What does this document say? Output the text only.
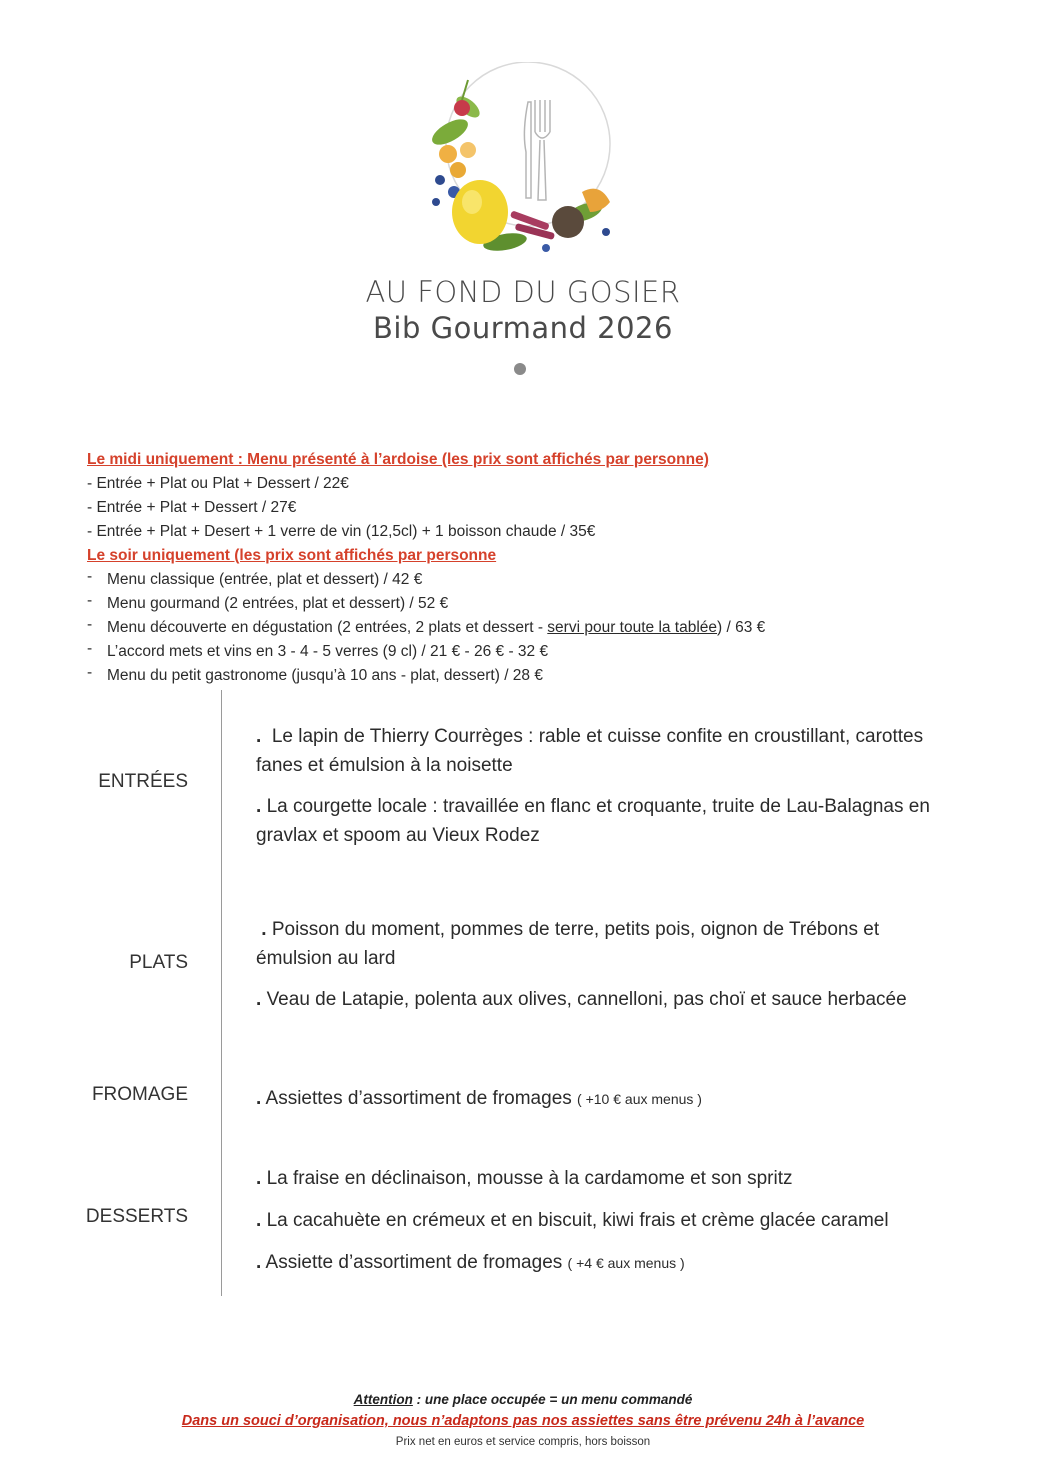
AU FOND DU GOSIER
Bib Gourmand 2026
Le midi uniquement : Menu présenté à l’ardoise (les prix sont affichés par personne)
- Entrée + Plat ou Plat + Dessert / 22€
- Entrée + Plat + Dessert / 27€
- Entrée + Plat + Desert + 1 verre de vin (12,5cl) + 1 boisson chaude / 35€
Le soir uniquement (les prix sont affichés par personne
- Menu classique (entrée, plat et dessert) / 42 €
- Menu gourmand (2 entrées, plat et dessert) / 52 €
- Menu découverte en dégustation (2 entrées, 2 plats et dessert - servi pour toute la tablée) / 63 €
- L’accord mets et vins en 3 - 4 - 5 verres (9 cl) / 21 € - 26 € - 32 €
- Menu du petit gastronome (jusqu’à 10 ans - plat, dessert) / 28 €
ENTRÉES
. Le lapin de Thierry Courrèges : rable et cuisse confite en croustillant, carottes fanes et émulsion à la noisette
. La courgette locale : travaillée en flanc et croquante, truite de Lau-Balagnas en gravlax et spoom au Vieux Rodez
PLATS
. Poisson du moment, pommes de terre, petits pois, oignon de Trébons et émulsion au lard
. Veau de Latapie, polenta aux olives, cannelloni, pas choï et sauce herbacée
FROMAGE	. Assiettes d’assortiment de fromages ( +10 € aux menus )
DESSERTS
. La fraise en déclinaison, mousse à la cardamome et son spritz
. La cacahuète en crémeux et en biscuit, kiwi frais et crème glacée caramel
. Assiette d’assortiment de fromages ( +4 € aux menus )
Attention : une place occupée = un menu commandé
Dans un souci d’organisation, nous n’adaptons pas nos assiettes sans être prévenu 24h à l’avance
Prix net en euros et service compris, hors boisson
